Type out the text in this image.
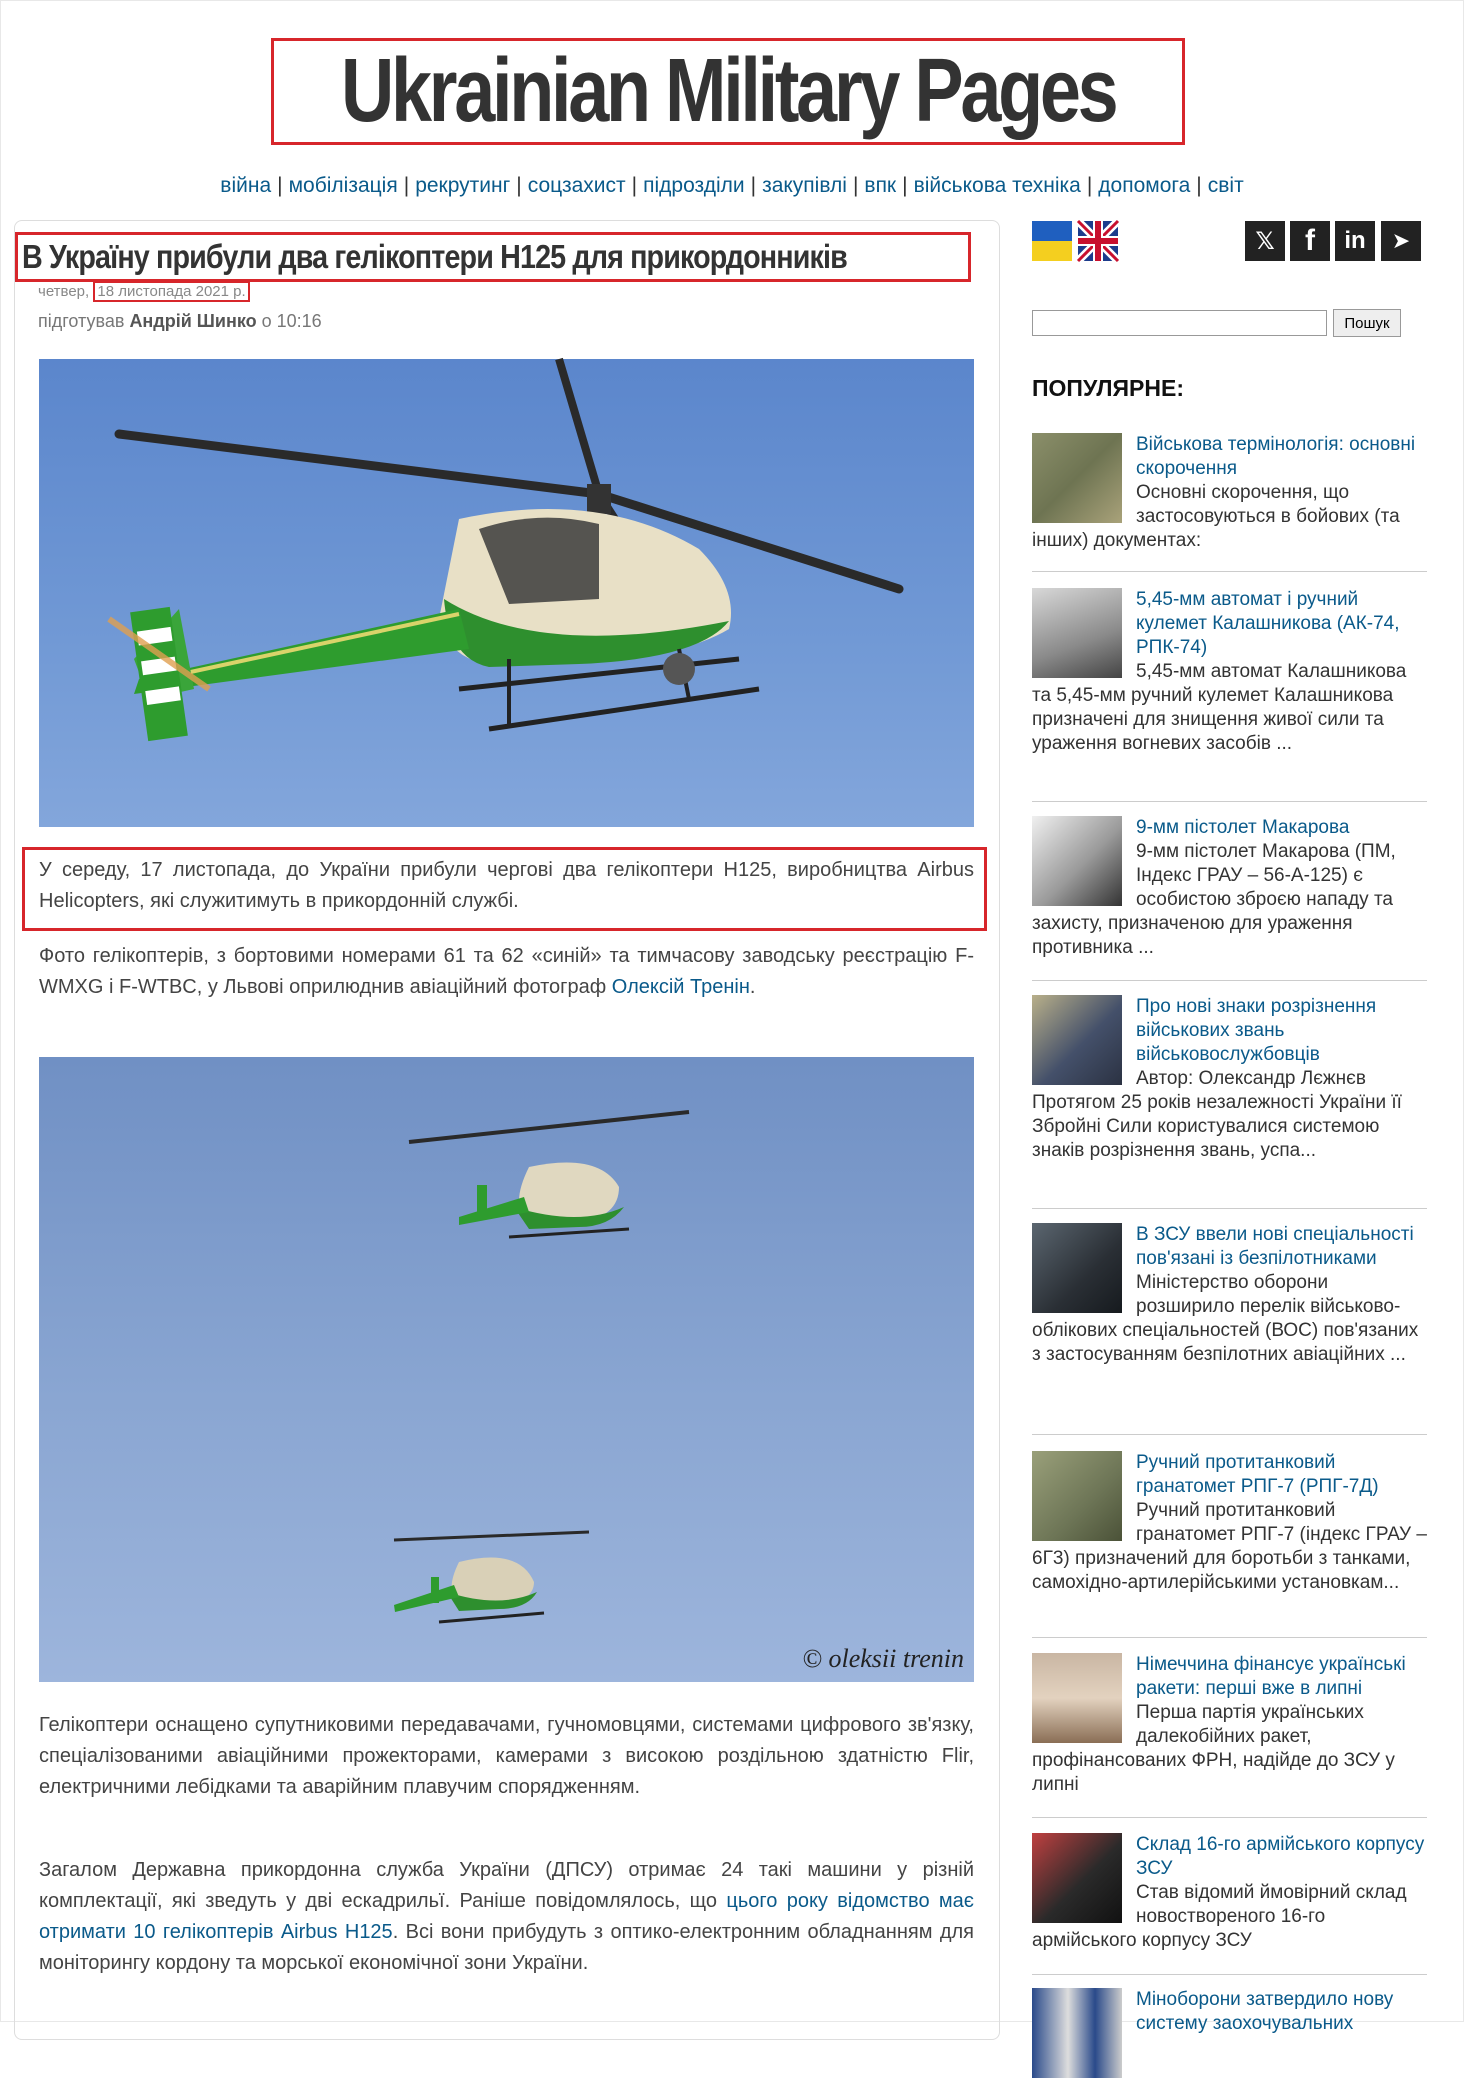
Ukrainian Military Pages
війна | мобілізація | рекрутинг | соцзахист | підрозділи | закупівлі | впк | військова техніка | допомога | світ
В Україну прибули два гелікоптери H125 для прикордонників
четвер, 18 листопада 2021 р.
підготував Андрій Шинко о 10:16

У середу, 17 листопада, до України прибули чергові два гелікоптери H125, виробництва Airbus Helicopters, які служитимуть в прикордонній службі.

Фото гелікоптерів, з бортовими номерами 61 та 62 «синій» та тимчасову заводську реєстрацію F-WMXG і F-WTBC, у Львові оприлюднив авіаційний фотограф Олексій Тренін.

© oleksii trenin

Гелікоптери оснащено супутниковими передавачами, гучномовцями, системами цифрового зв'язку, спеціалізованими авіаційними прожекторами, камерами з високою роздільною здатністю Flir, електричними лебідками та аварійним плавучим спорядженням.

Загалом Державна прикордонна служба України (ДПСУ) отримає 24 такі машини у різній комплектації, які зведуть у дві ескадрильї. Раніше повідомлялось, що цього року відомство має отримати 10 гелікоптерів Airbus H125. Всі вони прибудуть з оптико-електронним обладнанням для моніторингу кордону та морської економічної зони України.

𝕏	f	in	➤
Пошук
ПОПУЛЯРНЕ:
Військова термінологія: основні скорочення
Основні скорочення, що застосовуються в бойових (та інших) документах:
5,45-мм автомат і ручний кулемет Калашникова (АК-74, РПК-74)
5,45-мм автомат Калашникова та 5,45-мм ручний кулемет Калашникова призначені для знищення живої сили та ураження вогневих засобів ...
9-мм пістолет Макарова
9-мм пістолет Макарова (ПМ, Індекс ГРАУ – 56-А-125) є особистою зброєю нападу та захисту, призначеною для ураження противника ...
Про нові знаки розрізнення військових звань військовослужбовців
Автор: Олександр Лєжнєв Протягом 25 років незалежності України її Збройні Сили користувалися системою знаків розрізнення звань, успа...
В ЗСУ ввели нові спеціальності пов'язані із безпілотниками
Міністерство оборони розширило перелік військово-облікових спеціальностей (ВОС) пов'язаних з застосуванням безпілотних авіаційних ...
Ручний протитанковий гранатомет РПГ-7 (РПГ-7Д)
Ручний протитанковий гранатомет РПГ-7 (індекс ГРАУ – 6Г3) призначений для боротьби з танками, самохідно-артилерійськими установкам...
Німеччина фінансує українські ракети: перші вже в липні
Перша партія українських далекобійних ракет, профінансованих ФРН, надійде до ЗСУ у липні
Склад 16-го армійського корпусу ЗСУ
Став відомий ймовірний склад новоствореного 16-го армійського корпусу ЗСУ
Міноборони затвердило нову систему заохочувальних
